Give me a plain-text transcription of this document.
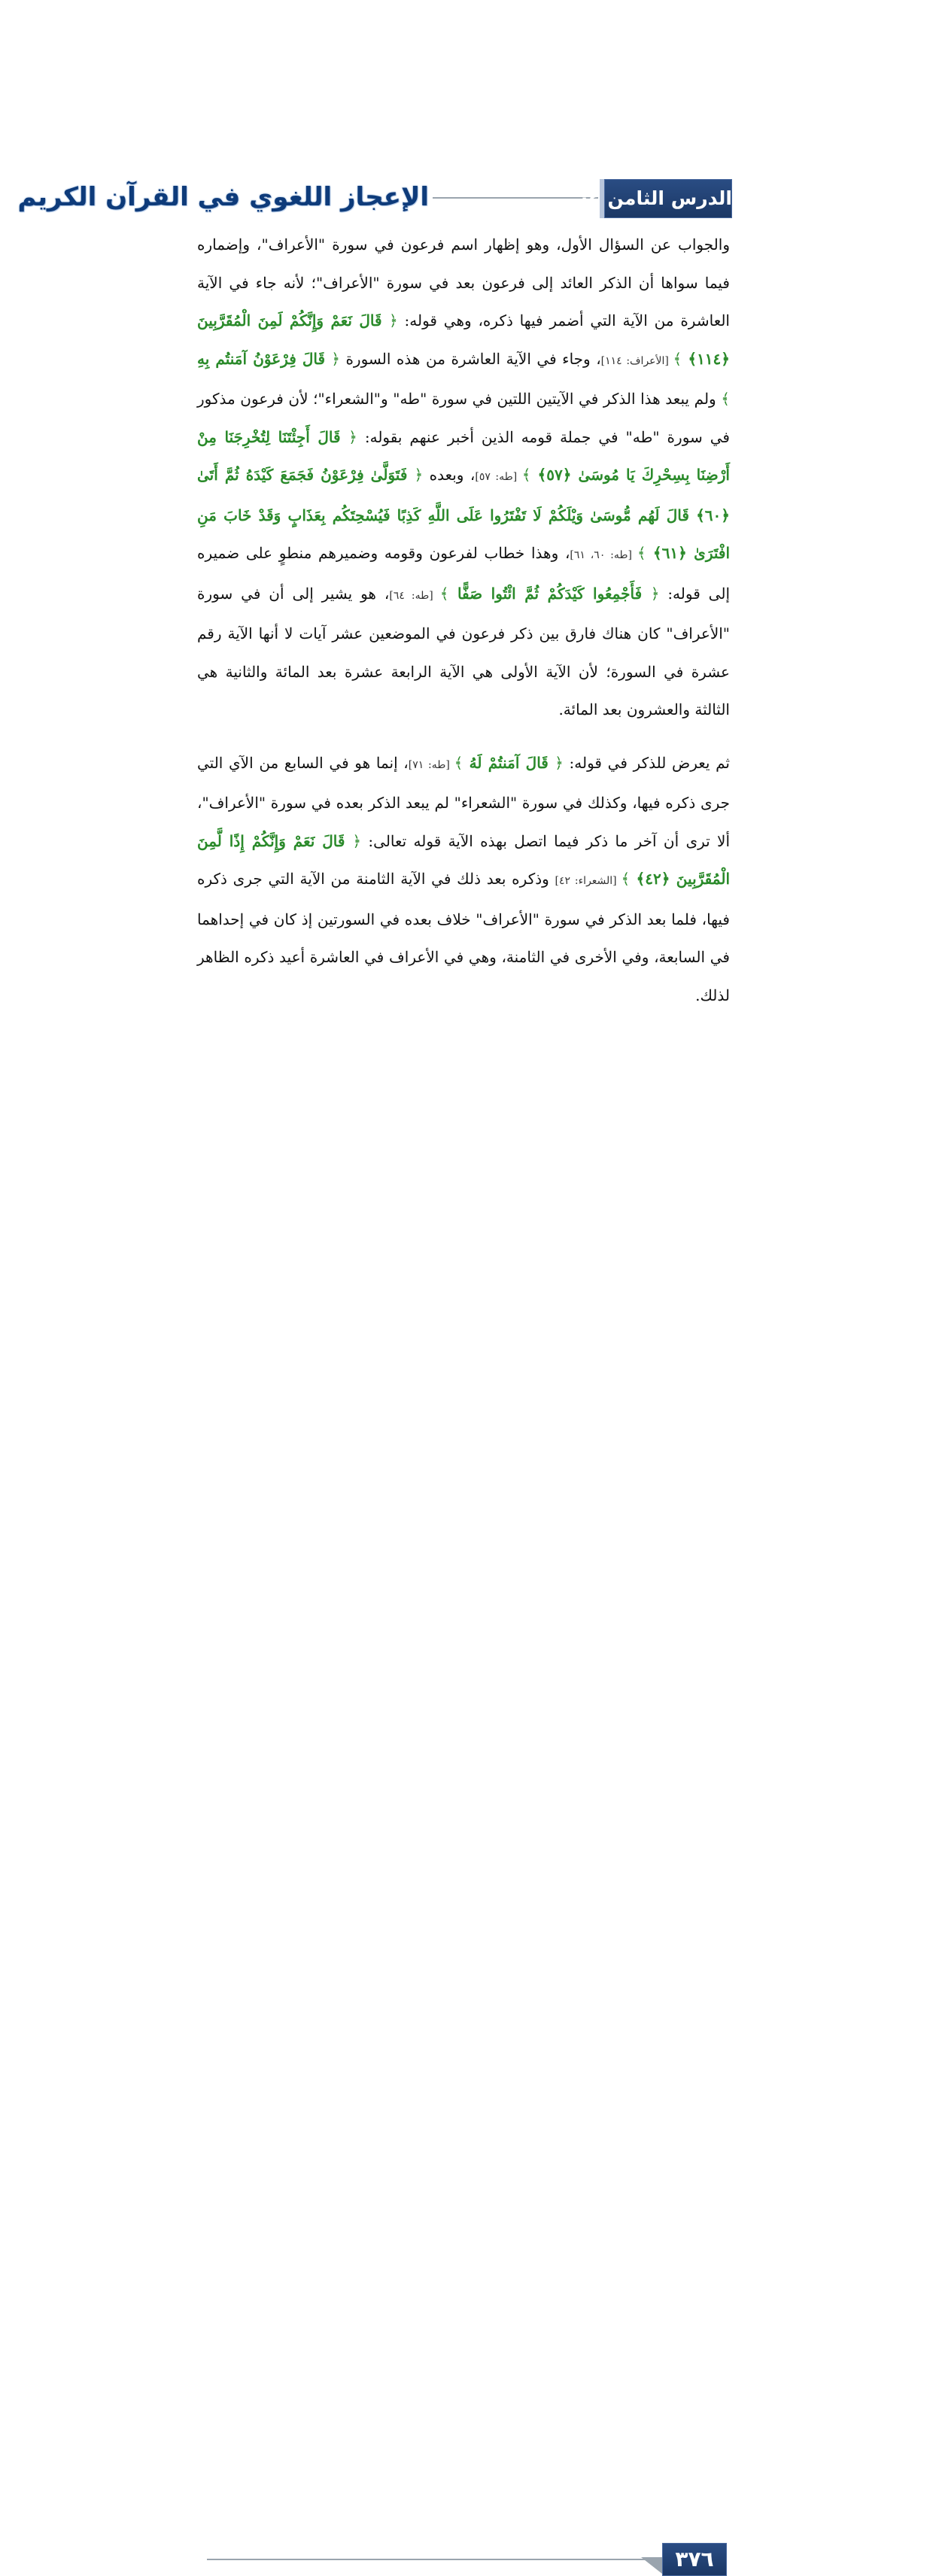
الإعجاز اللغوي في القرآن الكريم	الدرس الثامن عشر

والجواب عن السؤال الأول، وهو إظهار اسم فرعون في سورة "الأعراف"، وإضماره فيما سواها أن الذكر العائد إلى فرعون بعد في سورة "الأعراف"؛ لأنه جاء في الآية العاشرة من الآية التي أضمر فيها ذكره، وهي قوله: ﴿ قَالَ نَعَمْ وَإِنَّكُمْ لَمِنَ الْمُقَرَّبِينَ ﴿١١٤﴾ ﴾ [الأعراف: ١١٤]، وجاء في الآية العاشرة من هذه السورة ﴿ قَالَ فِرْعَوْنُ آمَنتُم بِهِ ﴾ ولم يبعد هذا الذكر في الآيتين اللتين في سورة "طه" و"الشعراء"؛ لأن فرعون مذكور في سورة "طه" في جملة قومه الذين أخبر عنهم بقوله: ﴿ قَالَ أَجِئْتَنَا لِتُخْرِجَنَا مِنْ أَرْضِنَا بِسِحْرِكَ يَا مُوسَىٰ ﴿٥٧﴾ ﴾ [طه: ٥٧]، وبعده ﴿ فَتَوَلَّىٰ فِرْعَوْنُ فَجَمَعَ كَيْدَهُ ثُمَّ أَتَىٰ ﴿٦٠﴾ قَالَ لَهُم مُّوسَىٰ وَيْلَكُمْ لَا تَفْتَرُوا عَلَى اللَّهِ كَذِبًا فَيُسْحِتَكُم بِعَذَابٍ وَقَدْ خَابَ مَنِ افْتَرَىٰ ﴿٦١﴾ ﴾ [طه: ٦٠، ٦١]، وهذا خطاب لفرعون وقومه وضميرهم منطوٍ على ضميره إلى قوله: ﴿ فَأَجْمِعُوا كَيْدَكُمْ ثُمَّ ائْتُوا صَفًّا ﴾ [طه: ٦٤]، هو يشير إلى أن في سورة "الأعراف" كان هناك فارق بين ذكر فرعون في الموضعين عشر آيات لا أنها الآية رقم عشرة في السورة؛ لأن الآية الأولى هي الآية الرابعة عشرة بعد المائة والثانية هي الثالثة والعشرون بعد المائة.

ثم يعرض للذكر في قوله: ﴿ قَالَ آمَنتُمْ لَهُ ﴾ [طه: ٧١]، إنما هو في السابع من الآي التي جرى ذكره فيها، وكذلك في سورة "الشعراء" لم يبعد الذكر بعده في سورة "الأعراف"، ألا ترى أن آخر ما ذكر فيما اتصل بهذه الآية قوله تعالى: ﴿ قَالَ نَعَمْ وَإِنَّكُمْ إِذًا لَّمِنَ الْمُقَرَّبِينَ ﴿٤٢﴾ ﴾ [الشعراء: ٤٢] وذكره بعد ذلك في الآية الثامنة من الآية التي جرى ذكره فيها، فلما بعد الذكر في سورة "الأعراف" خلاف بعده في السورتين إذ كان في إحداهما في السابعة، وفي الأخرى في الثامنة، وهي في الأعراف في العاشرة أعيد ذكره الظاهر لذلك.

٣٧٦
